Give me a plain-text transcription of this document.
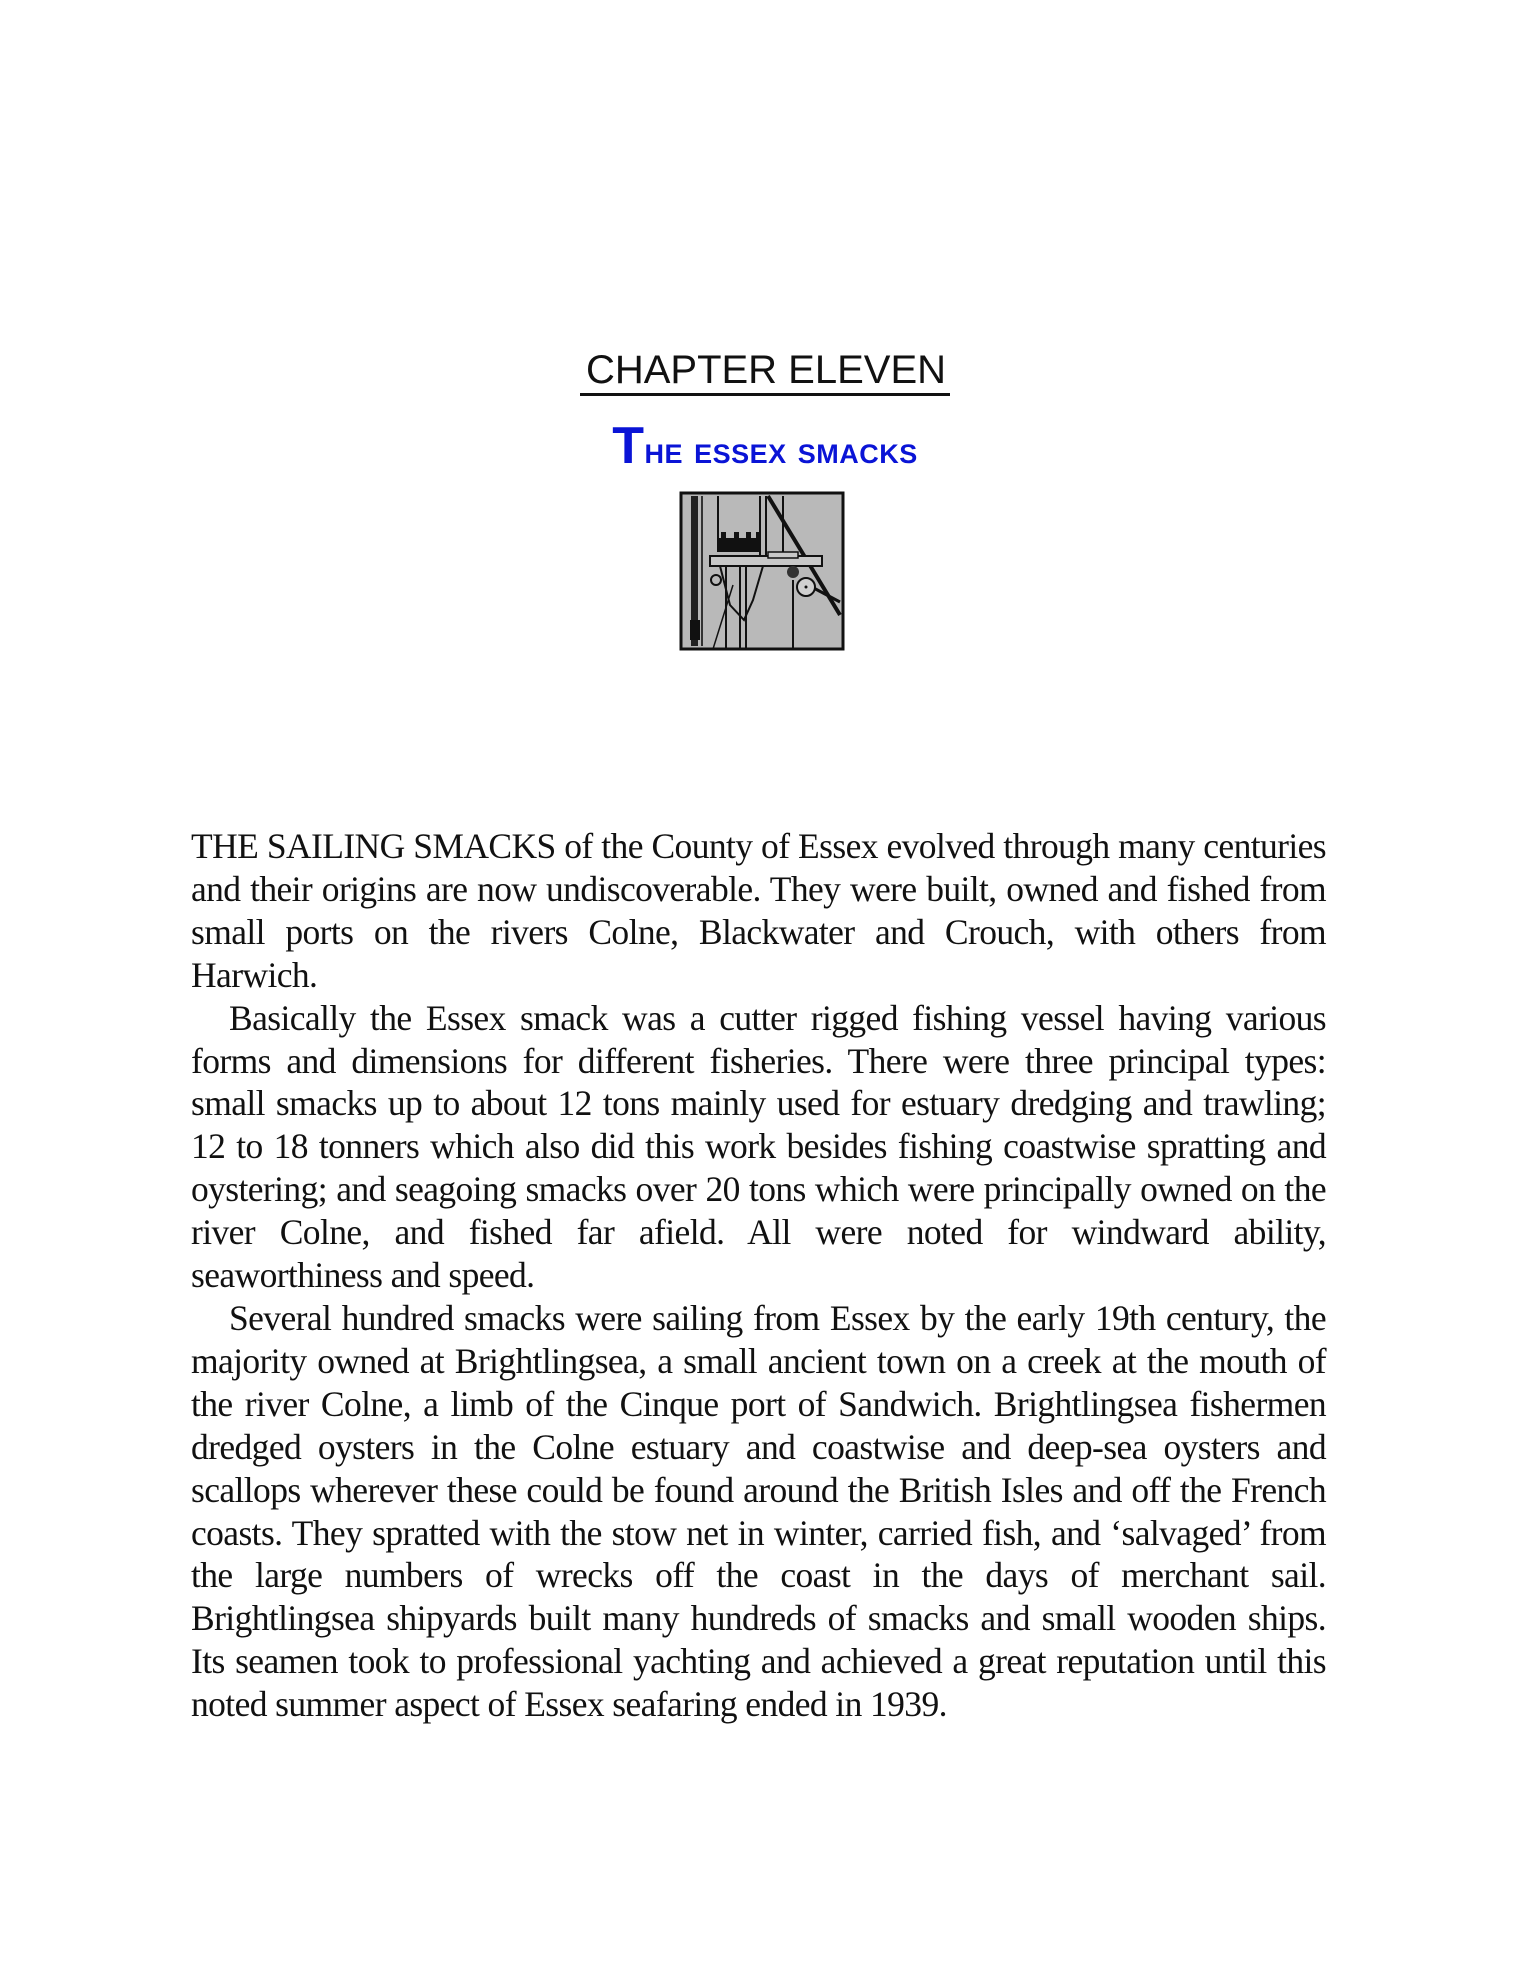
CHAPTER ELEVEN
The essex smacks

THE SAILING SMACKS of the County of Essex evolved through many centuries and their origins are now undiscoverable. They were built, owned and fished from small ports on the rivers Colne, Blackwater and Crouch, with others from Harwich.

Basically the Essex smack was a cutter rigged fishing vessel having various forms and dimensions for different fisheries. There were three principal types: small smacks up to about 12 tons mainly used for estuary dredging and trawling; 12 to 18 tonners which also did this work besides fishing coastwise spratting and oystering; and seagoing smacks over 20 tons which were principally owned on the river Colne, and fished far afield. All were noted for windward ability, seaworthiness and speed.

Several hundred smacks were sailing from Essex by the early 19th century, the majority owned at Brightlingsea, a small ancient town on a creek at the mouth of the river Colne, a limb of the Cinque port of Sandwich. Brightlingsea fishermen dredged oysters in the Colne estuary and coastwise and deep-sea oysters and scallops wherever these could be found around the British Isles and off the French coasts. They spratted with the stow net in winter, carried fish, and ‘salvaged’ from the large numbers of wrecks off the coast in the days of merchant sail. Brightlingsea shipyards built many hundreds of smacks and small wooden ships. Its seamen took to professional yachting and achieved a great reputation until this noted summer aspect of Essex seafaring ended in 1939.
